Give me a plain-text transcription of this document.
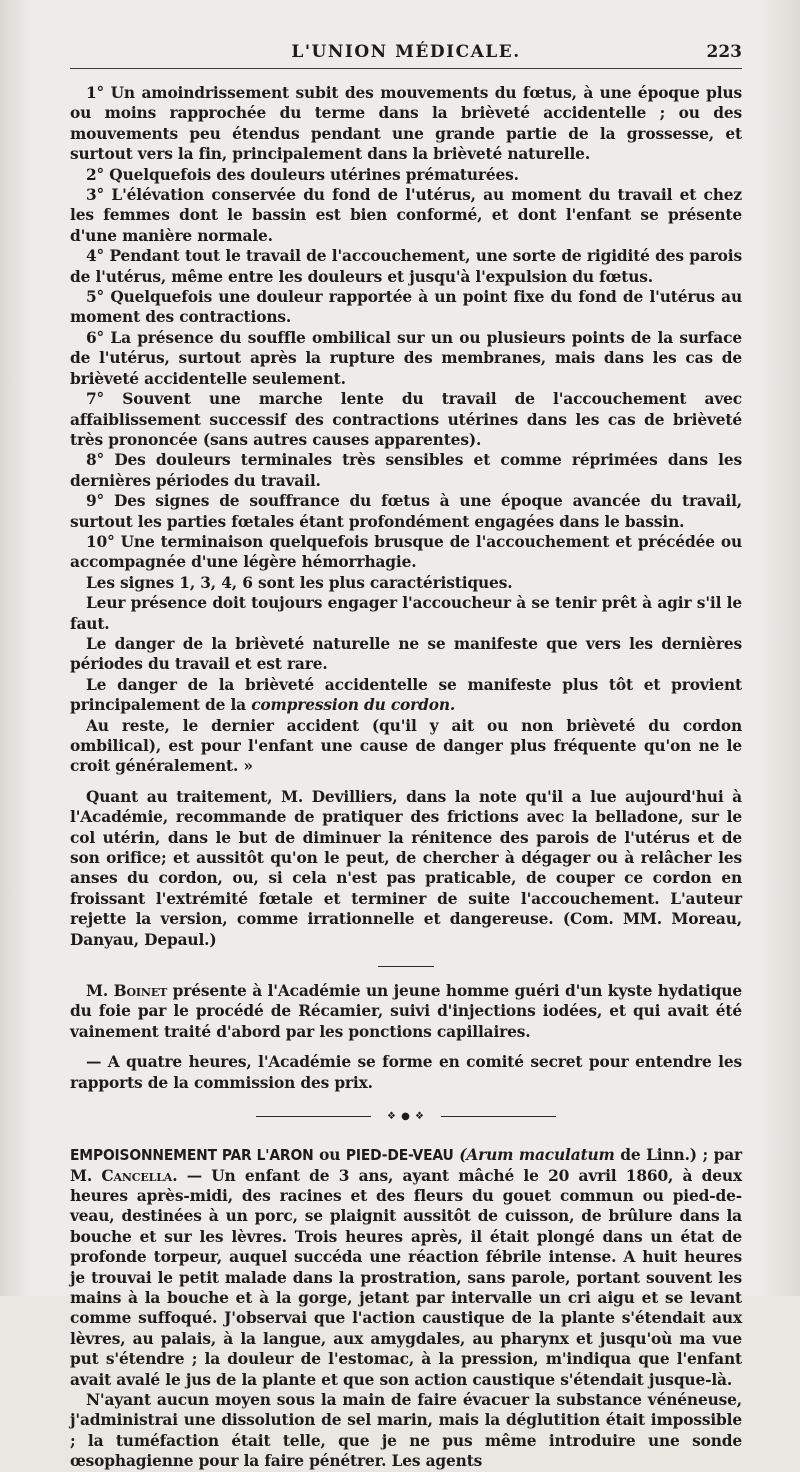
L'UNION MÉDICALE.	223

1° Un amoindrissement subit des mouvements du fœtus, à une époque plus ou moins rapprochée du terme dans la brièveté accidentelle ; ou des mouvements peu étendus pendant une grande partie de la grossesse, et surtout vers la fin, principalement dans la brièveté naturelle.

2° Quelquefois des douleurs utérines prématurées.

3° L'élévation conservée du fond de l'utérus, au moment du travail et chez les femmes dont le bassin est bien conformé, et dont l'enfant se présente d'une manière normale.

4° Pendant tout le travail de l'accouchement, une sorte de rigidité des parois de l'utérus, même entre les douleurs et jusqu'à l'expulsion du fœtus.

5° Quelquefois une douleur rapportée à un point fixe du fond de l'utérus au moment des contractions.

6° La présence du souffle ombilical sur un ou plusieurs points de la surface de l'utérus, surtout après la rupture des membranes, mais dans les cas de brièveté accidentelle seulement.

7° Souvent une marche lente du travail de l'accouchement avec affaiblissement successif des contractions utérines dans les cas de brièveté très prononcée (sans autres causes apparentes).

8° Des douleurs terminales très sensibles et comme réprimées dans les dernières périodes du travail.

9° Des signes de souffrance du fœtus à une époque avancée du travail, surtout les parties fœtales étant profondément engagées dans le bassin.

10° Une terminaison quelquefois brusque de l'accouchement et précédée ou accompagnée d'une légère hémorrhagie.

Les signes 1, 3, 4, 6 sont les plus caractéristiques.

Leur présence doit toujours engager l'accoucheur à se tenir prêt à agir s'il le faut.

Le danger de la brièveté naturelle ne se manifeste que vers les dernières périodes du travail et est rare.

Le danger de la brièveté accidentelle se manifeste plus tôt et provient principalement de la compression du cordon.

Au reste, le dernier accident (qu'il y ait ou non brièveté du cordon ombilical), est pour l'enfant une cause de danger plus fréquente qu'on ne le croit généralement. »

Quant au traitement, M. Devilliers, dans la note qu'il a lue aujourd'hui à l'Académie, recommande de pratiquer des frictions avec la belladone, sur le col utérin, dans le but de diminuer la rénitence des parois de l'utérus et de son orifice; et aussitôt qu'on le peut, de chercher à dégager ou à relâcher les anses du cordon, ou, si cela n'est pas praticable, de couper ce cordon en froissant l'extrémité fœtale et terminer de suite l'accouchement. L'auteur rejette la version, comme irrationnelle et dangereuse. (Com. MM. Moreau, Danyau, Depaul.)

M. Boinet présente à l'Académie un jeune homme guéri d'un kyste hydatique du foie par le procédé de Récamier, suivi d'injections iodées, et qui avait été vainement traité d'abord par les ponctions capillaires.

— A quatre heures, l'Académie se forme en comité secret pour entendre les rapports de la commission des prix.

❖ ● ❖

EMPOISONNEMENT PAR L'ARON ou PIED-DE-VEAU (Arum maculatum de Linn.) ; par M. Cancella. — Un enfant de 3 ans, ayant mâché le 20 avril 1860, à deux heures après-midi, des racines et des fleurs du gouet commun ou pied-de-veau, destinées à un porc, se plaignit aussitôt de cuisson, de brûlure dans la bouche et sur les lèvres. Trois heures après, il était plongé dans un état de profonde torpeur, auquel succéda une réaction fébrile intense. A huit heures je trouvai le petit malade dans la prostration, sans parole, portant souvent les mains à la bouche et à la gorge, jetant par intervalle un cri aigu et se levant comme suffoqué. J'observai que l'action caustique de la plante s'étendait aux lèvres, au palais, à la langue, aux amygdales, au pharynx et jusqu'où ma vue put s'étendre ; la douleur de l'estomac, à la pression, m'indiqua que l'enfant avait avalé le jus de la plante et que son action caustique s'étendait jusque-là.

N'ayant aucun moyen sous la main de faire évacuer la substance vénéneuse, j'administrai une dissolution de sel marin, mais la déglutition était impossible ; la tuméfaction était telle, que je ne pus même introduire une sonde œsophagienne pour la faire pénétrer. Les agents
